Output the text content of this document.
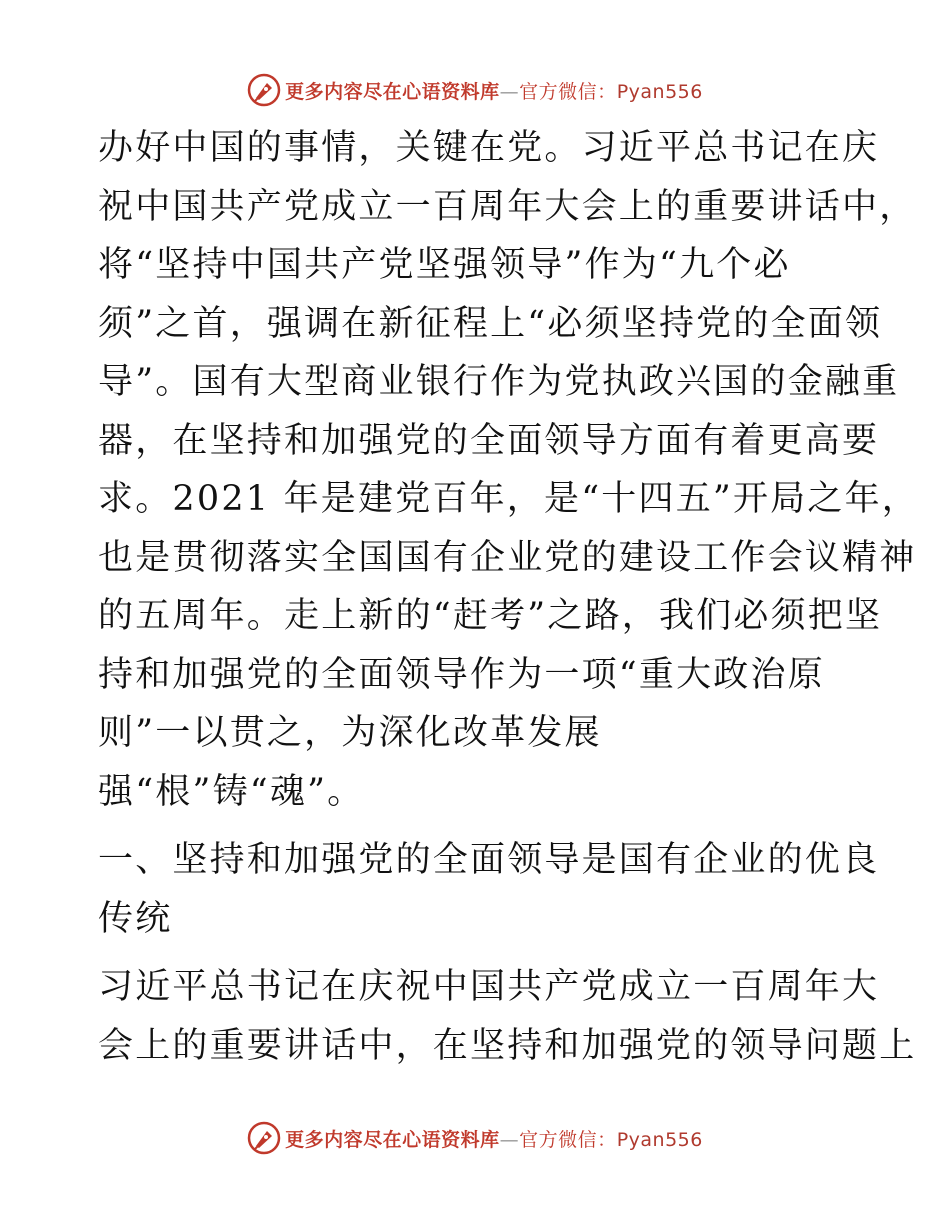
更多内容尽在心语资料库—官方微信：Pyan556

办好中国的事情，关键在党。习近平总书记在庆
祝中国共产党成立一百周年大会上的重要讲话中，
将“坚持中国共产党坚强领导”作为“九个必
须”之首，强调在新征程上“必须坚持党的全面领
导”。国有大型商业银行作为党执政兴国的金融重
器，在坚持和加强党的全面领导方面有着更高要
求。2021 年是建党百年，是“十四五”开局之年，
也是贯彻落实全国国有企业党的建设工作会议精神
的五周年。走上新的“赶考”之路，我们必须把坚
持和加强党的全面领导作为一项“重大政治原
则”一以贯之，为深化改革发展
强“根”铸“魂”。

一、坚持和加强党的全面领导是国有企业的优良
传统

习近平总书记在庆祝中国共产党成立一百周年大
会上的重要讲话中，在坚持和加强党的领导问题上

更多内容尽在心语资料库—官方微信：Pyan556
